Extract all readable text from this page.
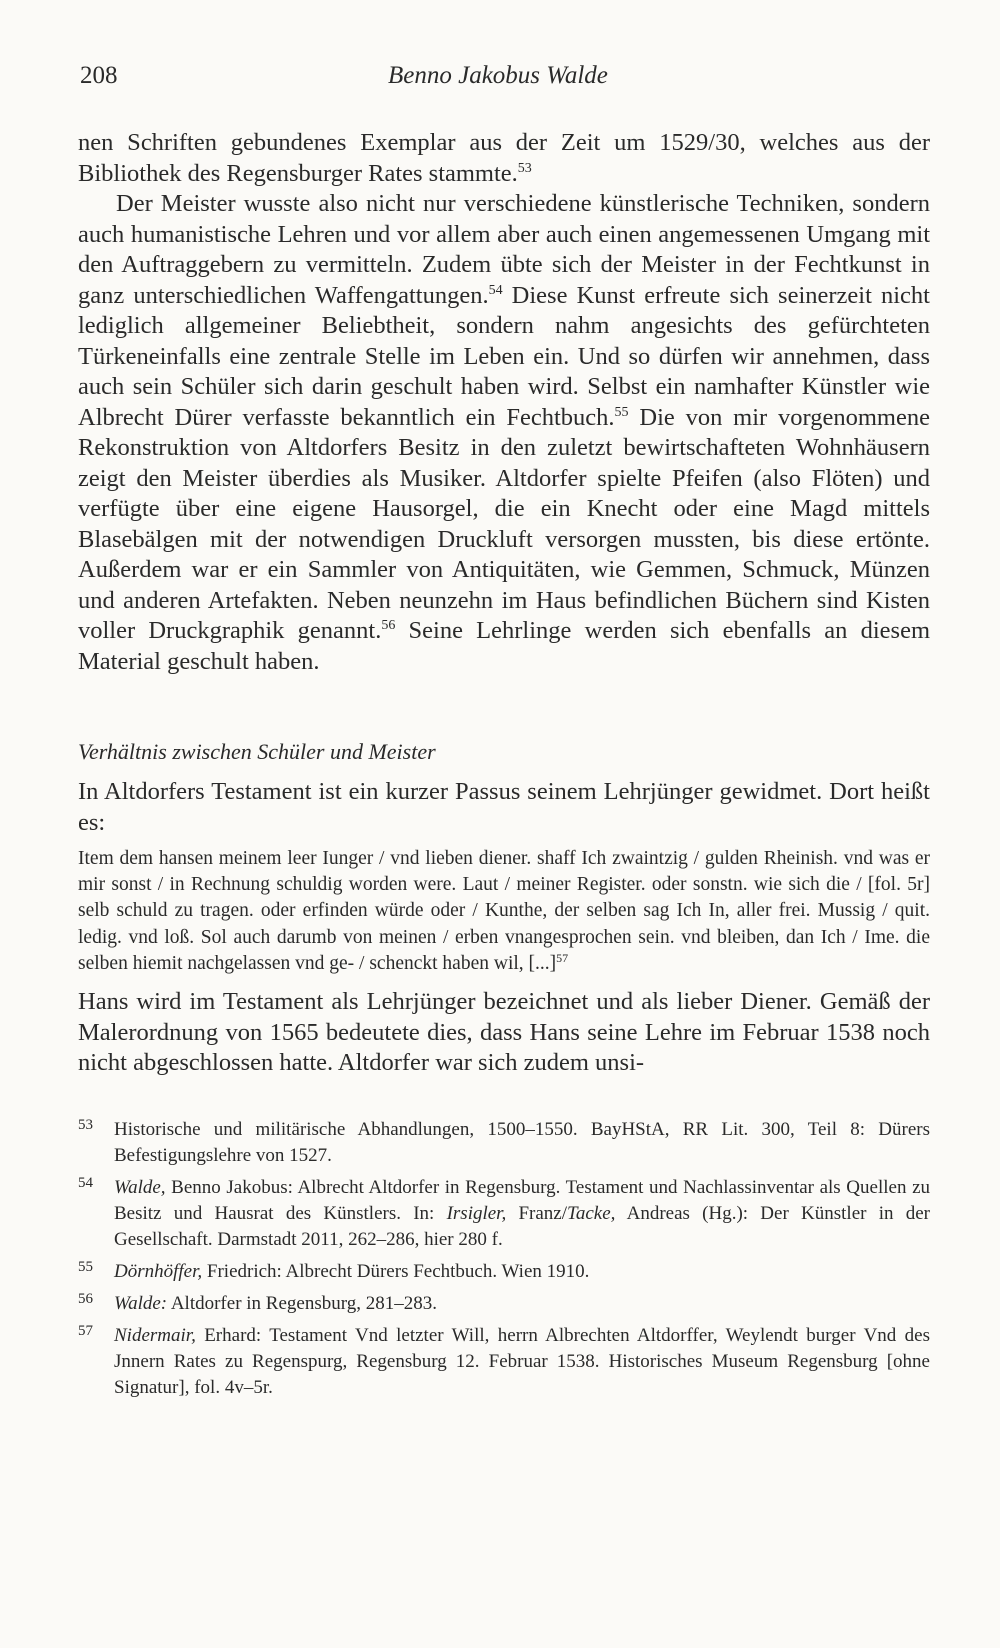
208	Benno Jakobus Walde

nen Schriften gebundenes Exemplar aus der Zeit um 1529/30, welches aus der Bibliothek des Regensburger Rates stammte.$^{53}$

Der Meister wusste also nicht nur verschiedene künstlerische Techniken, sondern auch humanistische Lehren und vor allem aber auch einen angemessenen Umgang mit den Auftraggebern zu vermitteln. Zudem übte sich der Meister in der Fechtkunst in ganz unterschiedlichen Waffengattungen.$^{54}$ Diese Kunst erfreute sich seinerzeit nicht lediglich allgemeiner Beliebtheit, sondern nahm angesichts des gefürchteten Türkeneinfalls eine zentrale Stelle im Leben ein. Und so dürfen wir annehmen, dass auch sein Schüler sich darin geschult haben wird. Selbst ein namhafter Künstler wie Albrecht Dürer verfasste bekanntlich ein Fechtbuch.$^{55}$ Die von mir vorgenommene Rekonstruktion von Altdorfers Besitz in den zuletzt bewirtschafteten Wohnhäusern zeigt den Meister überdies als Musiker. Altdorfer spielte Pfeifen (also Flöten) und verfügte über eine eigene Hausorgel, die ein Knecht oder eine Magd mittels Blasebälgen mit der notwendigen Druckluft versorgen mussten, bis diese ertönte. Außerdem war er ein Sammler von Antiquitäten, wie Gemmen, Schmuck, Münzen und anderen Artefakten. Neben neunzehn im Haus befindlichen Büchern sind Kisten voller Druckgraphik genannt.$^{56}$ Seine Lehrlinge werden sich ebenfalls an diesem Material geschult haben.

Verhältnis zwischen Schüler und Meister

In Altdorfers Testament ist ein kurzer Passus seinem Lehrjünger gewidmet. Dort heißt es:

Item dem hansen meinem leer Iunger / vnd lieben diener. shaff Ich zwaintzig / gulden Rheinish. vnd was er mir sonst / in Rechnung schuldig worden were. Laut / meiner Register. oder sonstn. wie sich die / [fol. 5r] selb schuld zu tragen. oder erfinden würde oder / Kunthe, der selben sag Ich In, aller frei. Mussig / quit. ledig. vnd loß. Sol auch darumb von meinen / erben vnangesprochen sein. vnd bleiben, dan Ich / Ime. die selben hiemit nachgelassen vnd ge- / schenckt haben wil, [...]$^{57}$

Hans wird im Testament als Lehrjünger bezeichnet und als lieber Diener. Gemäß der Malerordnung von 1565 bedeutete dies, dass Hans seine Lehre im Februar 1538 noch nicht abgeschlossen hatte. Altdorfer war sich zudem unsi-

53 Historische und militärische Abhandlungen, 1500–1550. BayHStA, RR Lit. 300, Teil 8: Dürers Befestigungslehre von 1527.

54 Walde, Benno Jakobus: Albrecht Altdorfer in Regensburg. Testament und Nachlassinventar als Quellen zu Besitz und Hausrat des Künstlers. In: Irsigler, Franz/Tacke, Andreas (Hg.): Der Künstler in der Gesellschaft. Darmstadt 2011, 262–286, hier 280 f.

55 Dörnhöffer, Friedrich: Albrecht Dürers Fechtbuch. Wien 1910.

56 Walde: Altdorfer in Regensburg, 281–283.

57 Nidermair, Erhard: Testament Vnd letzter Will, herrn Albrechten Altdorffer, Weylendt burger Vnd des Jnnern Rates zu Regenspurg, Regensburg 12. Februar 1538. Historisches Museum Regensburg [ohne Signatur], fol. 4v–5r.
